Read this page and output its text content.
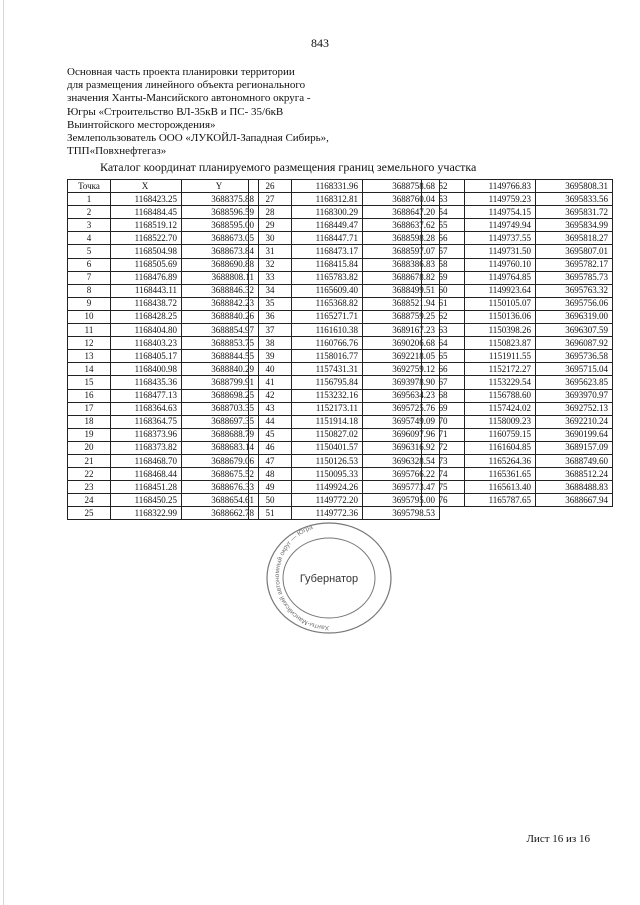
843
Основная часть проекта планировки территории
для размещения линейного объекта регионального
значения Ханты-Мансийского автономного округа -
Югры «Строительство ВЛ-35кВ и ПС- 35/6кВ
Выинтойского месторождения»
Землепользователь ООО «ЛУКОЙЛ-Западная Сибирь»,
ТПП«Повхнефтегаз»
Каталог координат планируемого размещения границ земельного участка
Точка	X	Y
1	1168423.25	3688375.88
2	1168484.45	3688596.59
3	1168519.12	3688595.00
4	1168522.70	3688673.05
5	1168504.98	3688673.84
6	1168505.69	3688690.88
7	1168476.89	3688808.11
8	1168443.11	3688846.32
9	1168438.72	3688842.23
10	1168428.25	3688840.26
11	1168404.80	3688854.97
12	1168403.23	3688853.75
13	1168405.17	3688844.55
14	1168400.98	3688840.29
15	1168435.36	3688799.91
16	1168477.13	3688698.25
17	1168364.63	3688703.35
18	1168364.75	3688697.35
19	1168373.96	3688688.79
20	1168373.82	3688683.14
21	1168468.70	3688679.06
22	1168468.44	3688675.52
23	1168451.28	3688676.33
24	1168450.25	3688654.61
25	1168322.99	3688662.78
26	1168331.96	3688758.68
27	1168312.81	3688760.04
28	1168300.29	3688647.20
29	1168449.47	3688637.62
30	1168447.71	3688598.28
31	1168473.17	3688597.07
32	1168415.84	3688386.83
33	1165783.82	3688678.82
34	1165609.40	3688499.51
35	1165368.82	3688521.94
36	1165271.71	3688759.25
37	1161610.38	3689167.23
38	1160766.76	3690206.68
39	1158016.77	3692218.05
40	1157431.31	3692759.12
41	1156795.84	3693978.90
42	1153232.16	3695634.23
43	1152173.11	3695725.76
44	1151914.18	3695749.09
45	1150827.02	3696097.96
46	1150401.57	3696316.92
47	1150126.53	3696328.54
48	1150095.33	3695766.22
49	1149924.26	3695773.47
50	1149772.20	3695795.00
51	1149772.36	3695798.53
52	1149766.83	3695808.31
53	1149759.23	3695833.56
54	1149754.15	3695831.72
55	1149749.94	3695834.99
56	1149737.55	3695818.27
57	1149731.50	3695807.01
58	1149760.10	3695782.17
59	1149764.85	3695785.73
60	1149923.64	3695763.32
61	1150105.07	3695756.06
62	1150136.06	3696319.00
63	1150398.26	3696307.59
64	1150823.87	3696087.92
65	1151911.55	3695736.58
66	1152172.27	3695715.04
67	1153229.54	3695623.85
68	1156788.60	3693970.97
69	1157424.02	3692752.13
70	1158009.23	3692210.24
71	1160759.15	3690199.64
72	1161604.85	3689157.09
73	1165264.36	3688749.60
74	1165361.65	3688512.24
75	1165613.40	3688488.83
76	1165787.65	3688667.94
Ханты-Мансийский автономный округ — Югра
Губернатор
Лист 16 из 16
